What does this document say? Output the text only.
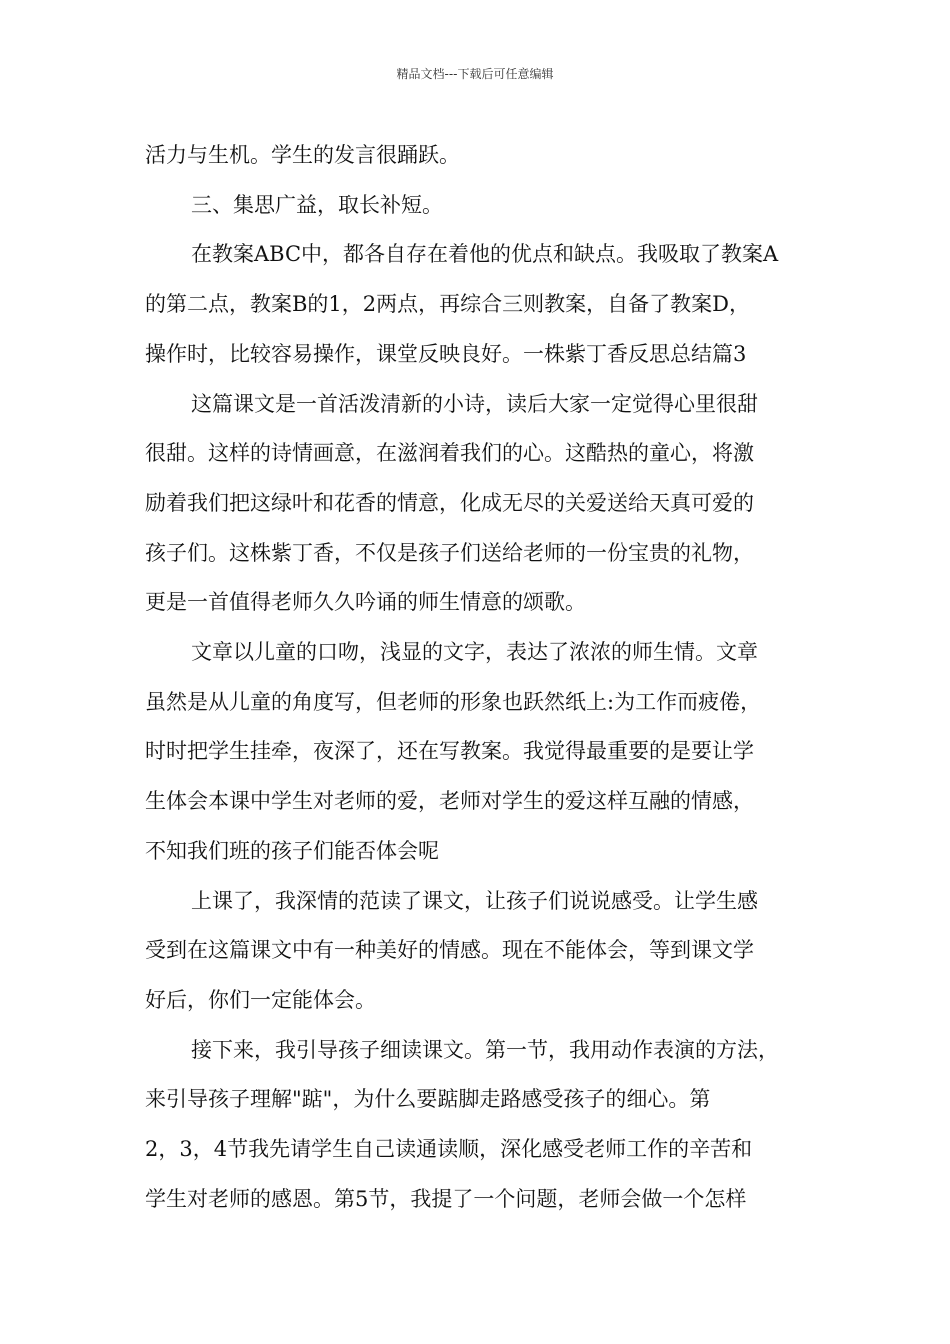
精品文档---下载后可任意编辑

活力与生机。学生的发言很踊跃。

三、集思广益，取长补短。

在教案ABC中，都各自存在着他的优点和缺点。我吸取了教案A
的第二点，教案B的1，2两点，再综合三则教案，自备了教案D，
操作时，比较容易操作，课堂反映良好。一株紫丁香反思总结篇3

这篇课文是一首活泼清新的小诗，读后大家一定觉得心里很甜
很甜。这样的诗情画意，在滋润着我们的心。这酷热的童心，将激
励着我们把这绿叶和花香的情意，化成无尽的关爱送给天真可爱的
孩子们。这株紫丁香，不仅是孩子们送给老师的一份宝贵的礼物，
更是一首值得老师久久吟诵的师生情意的颂歌。

文章以儿童的口吻，浅显的文字，表达了浓浓的师生情。文章
虽然是从儿童的角度写，但老师的形象也跃然纸上:为工作而疲倦，
时时把学生挂牵，夜深了，还在写教案。我觉得最重要的是要让学
生体会本课中学生对老师的爱，老师对学生的爱这样互融的情感，
不知我们班的孩子们能否体会呢

上课了，我深情的范读了课文，让孩子们说说感受。让学生感
受到在这篇课文中有一种美好的情感。现在不能体会，等到课文学
好后，你们一定能体会。

接下来，我引导孩子细读课文。第一节，我用动作表演的方法，
来引导孩子理解"踮"，为什么要踮脚走路感受孩子的细心。第
2，3，4节我先请学生自己读通读顺，深化感受老师工作的辛苦和
学生对老师的感恩。第5节，我提了一个问题，老师会做一个怎样
